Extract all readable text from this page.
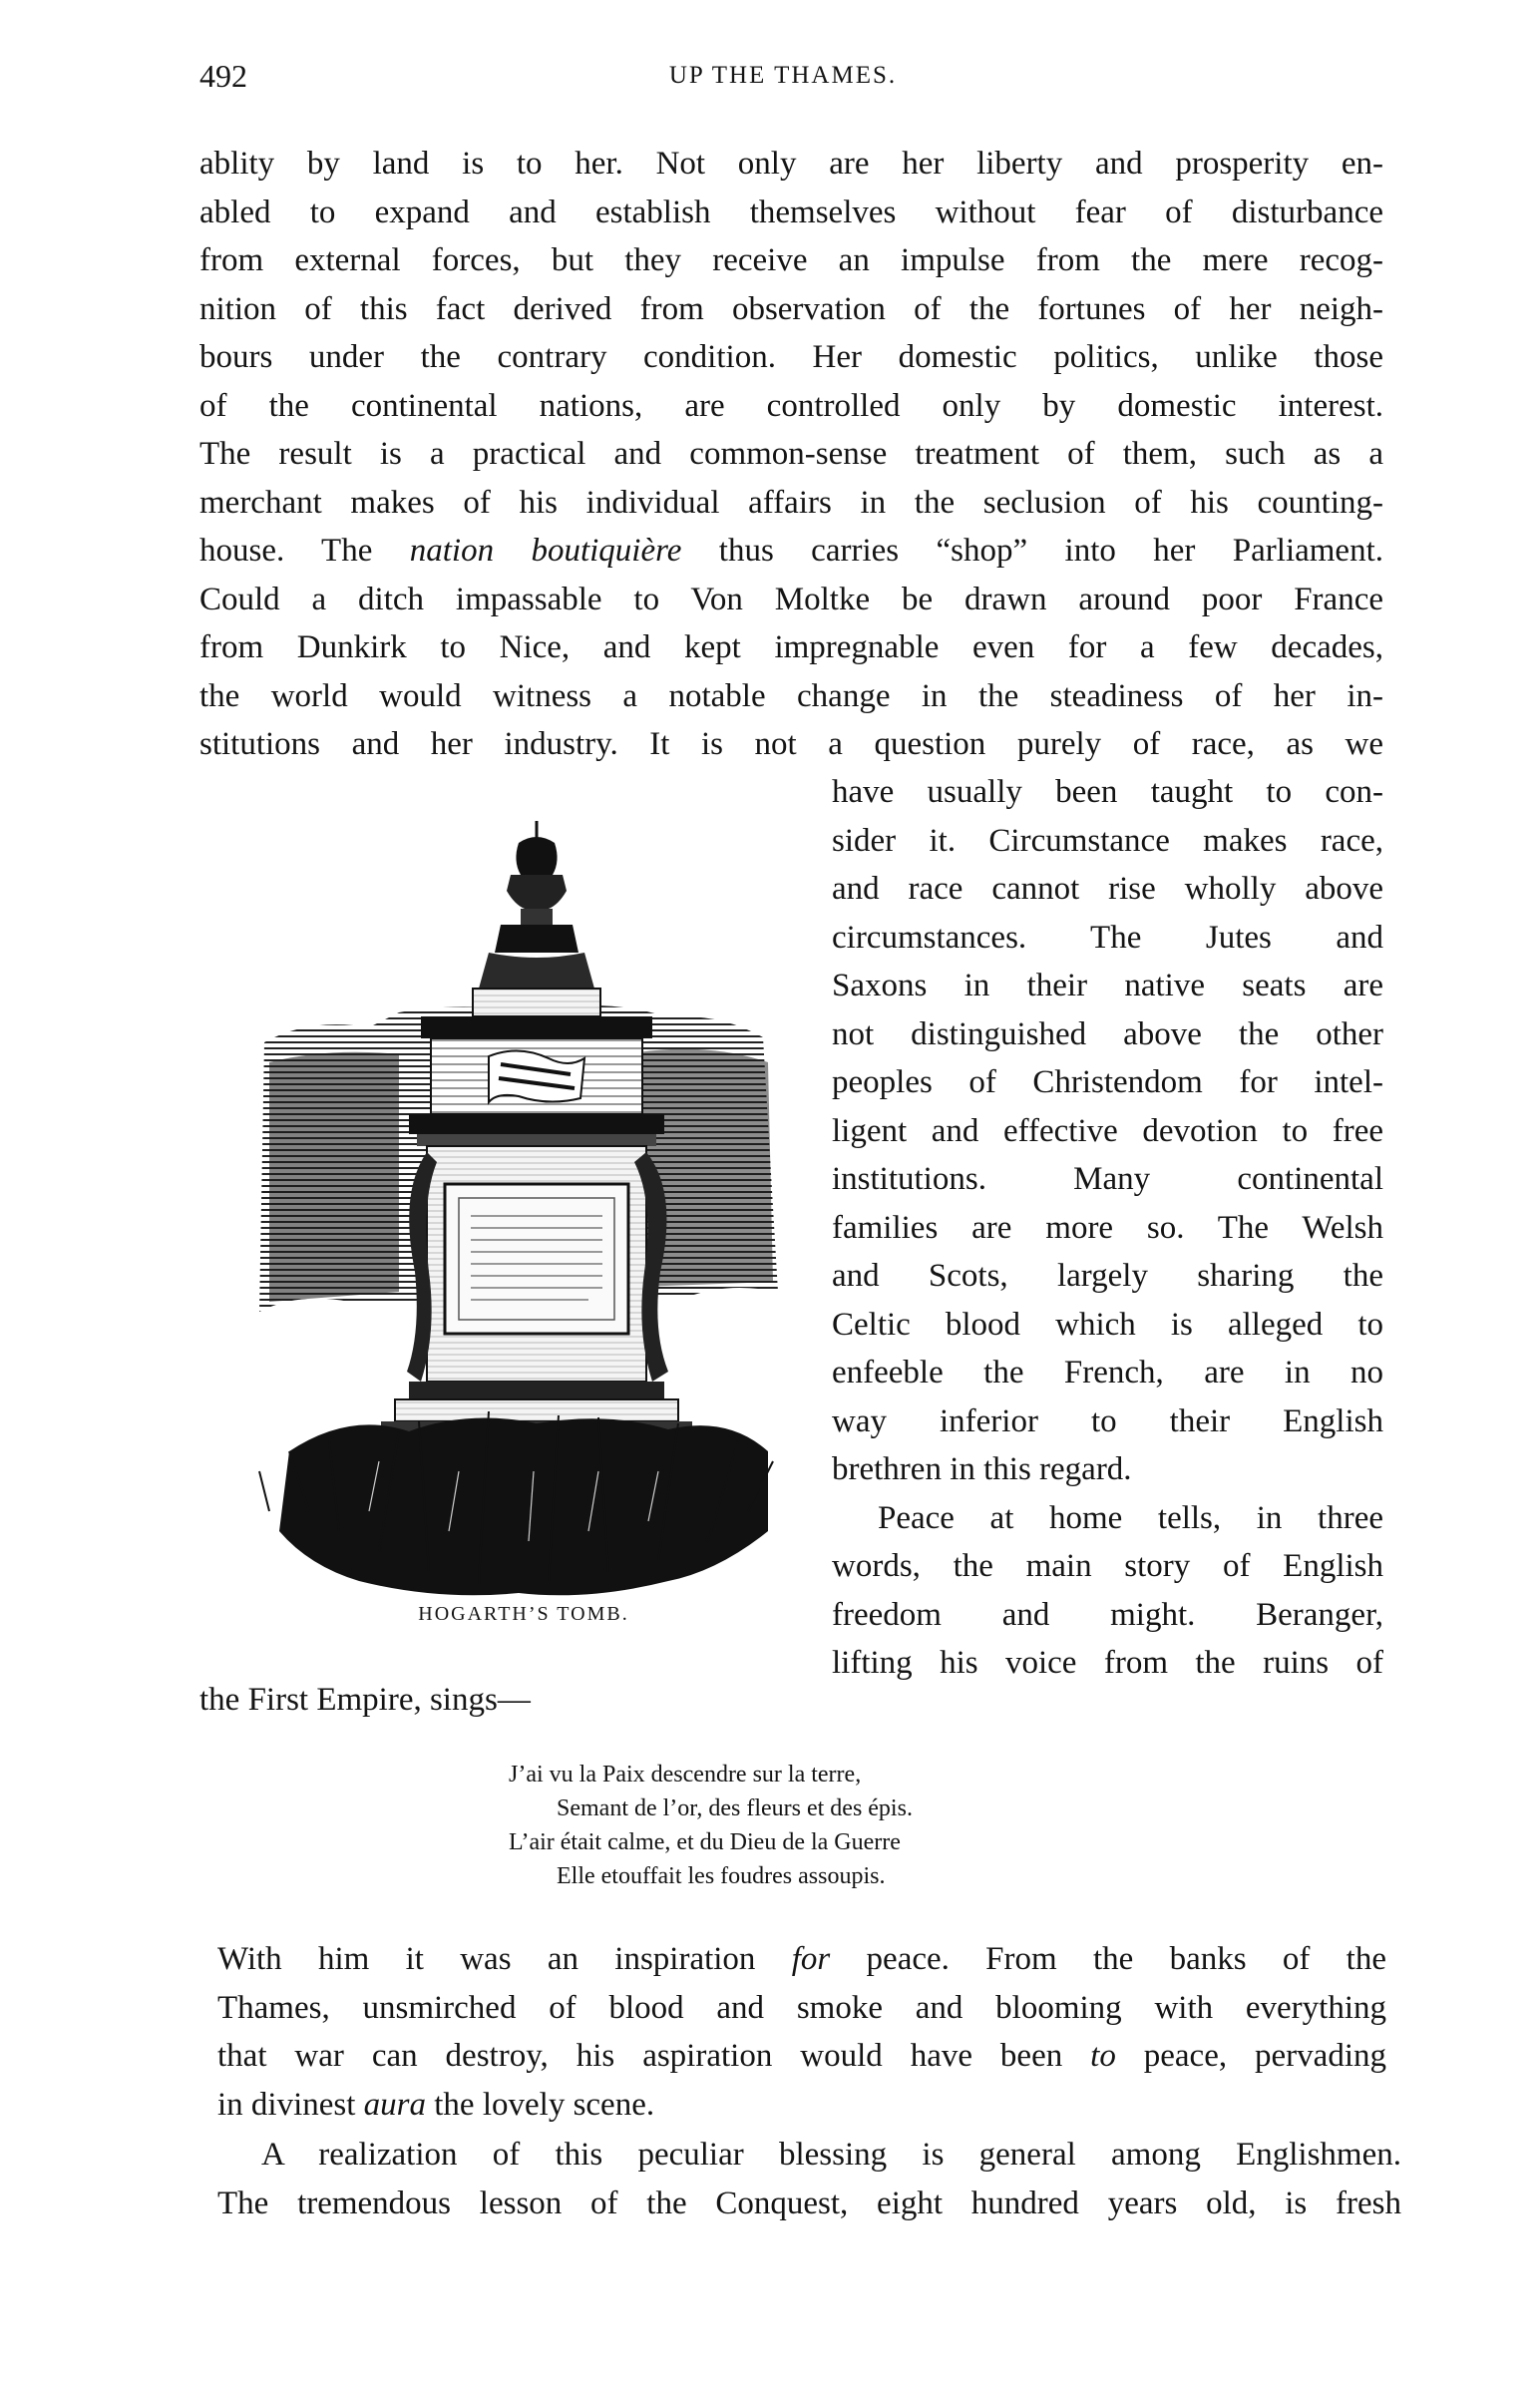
492	UP THE THAMES.
ablity by land is to her. Not only are her liberty and prosperity en-
abled to expand and establish themselves without fear of disturbance
from external forces, but they receive an impulse from the mere recog-
nition of this fact derived from observation of the fortunes of her neigh-
bours under the contrary condition. Her domestic politics, unlike those
of the continental nations, are controlled only by domestic interest.
The result is a practical and common-sense treatment of them, such as a
merchant makes of his individual affairs in the seclusion of his counting-
house. The nation boutiquière thus carries “shop” into her Parliament.
Could a ditch impassable to Von Moltke be drawn around poor France
from Dunkirk to Nice, and kept impregnable even for a few decades,
the world would witness a notable change in the steadiness of her in-
stitutions and her industry. It is not a question purely of race, as we
have usually been taught to con-
sider it. Circumstance makes race,
and race cannot rise wholly above
circumstances. The Jutes and
Saxons in their native seats are
not distinguished above the other
peoples of Christendom for intel-
ligent and effective devotion to free
institutions. Many continental
families are more so. The Welsh
and Scots, largely sharing the
Celtic blood which is alleged to
enfeeble the French, are in no
way inferior to their English
brethren in this regard.
Peace at home tells, in three
words, the main story of English
freedom and might. Beranger,
lifting his voice from the ruins of
HOGARTH’S TOMB.
the First Empire, sings—
J’ai vu la Paix descendre sur la terre,
Semant de l’or, des fleurs et des épis.
L’air était calme, et du Dieu de la Guerre
Elle etouffait les foudres assoupis.
With him it was an inspiration for peace. From the banks of the
Thames, unsmirched of blood and smoke and blooming with everything
that war can destroy, his aspiration would have been to peace, pervading
in divinest aura the lovely scene.
A realization of this peculiar blessing is general among Englishmen.
The tremendous lesson of the Conquest, eight hundred years old, is fresh
